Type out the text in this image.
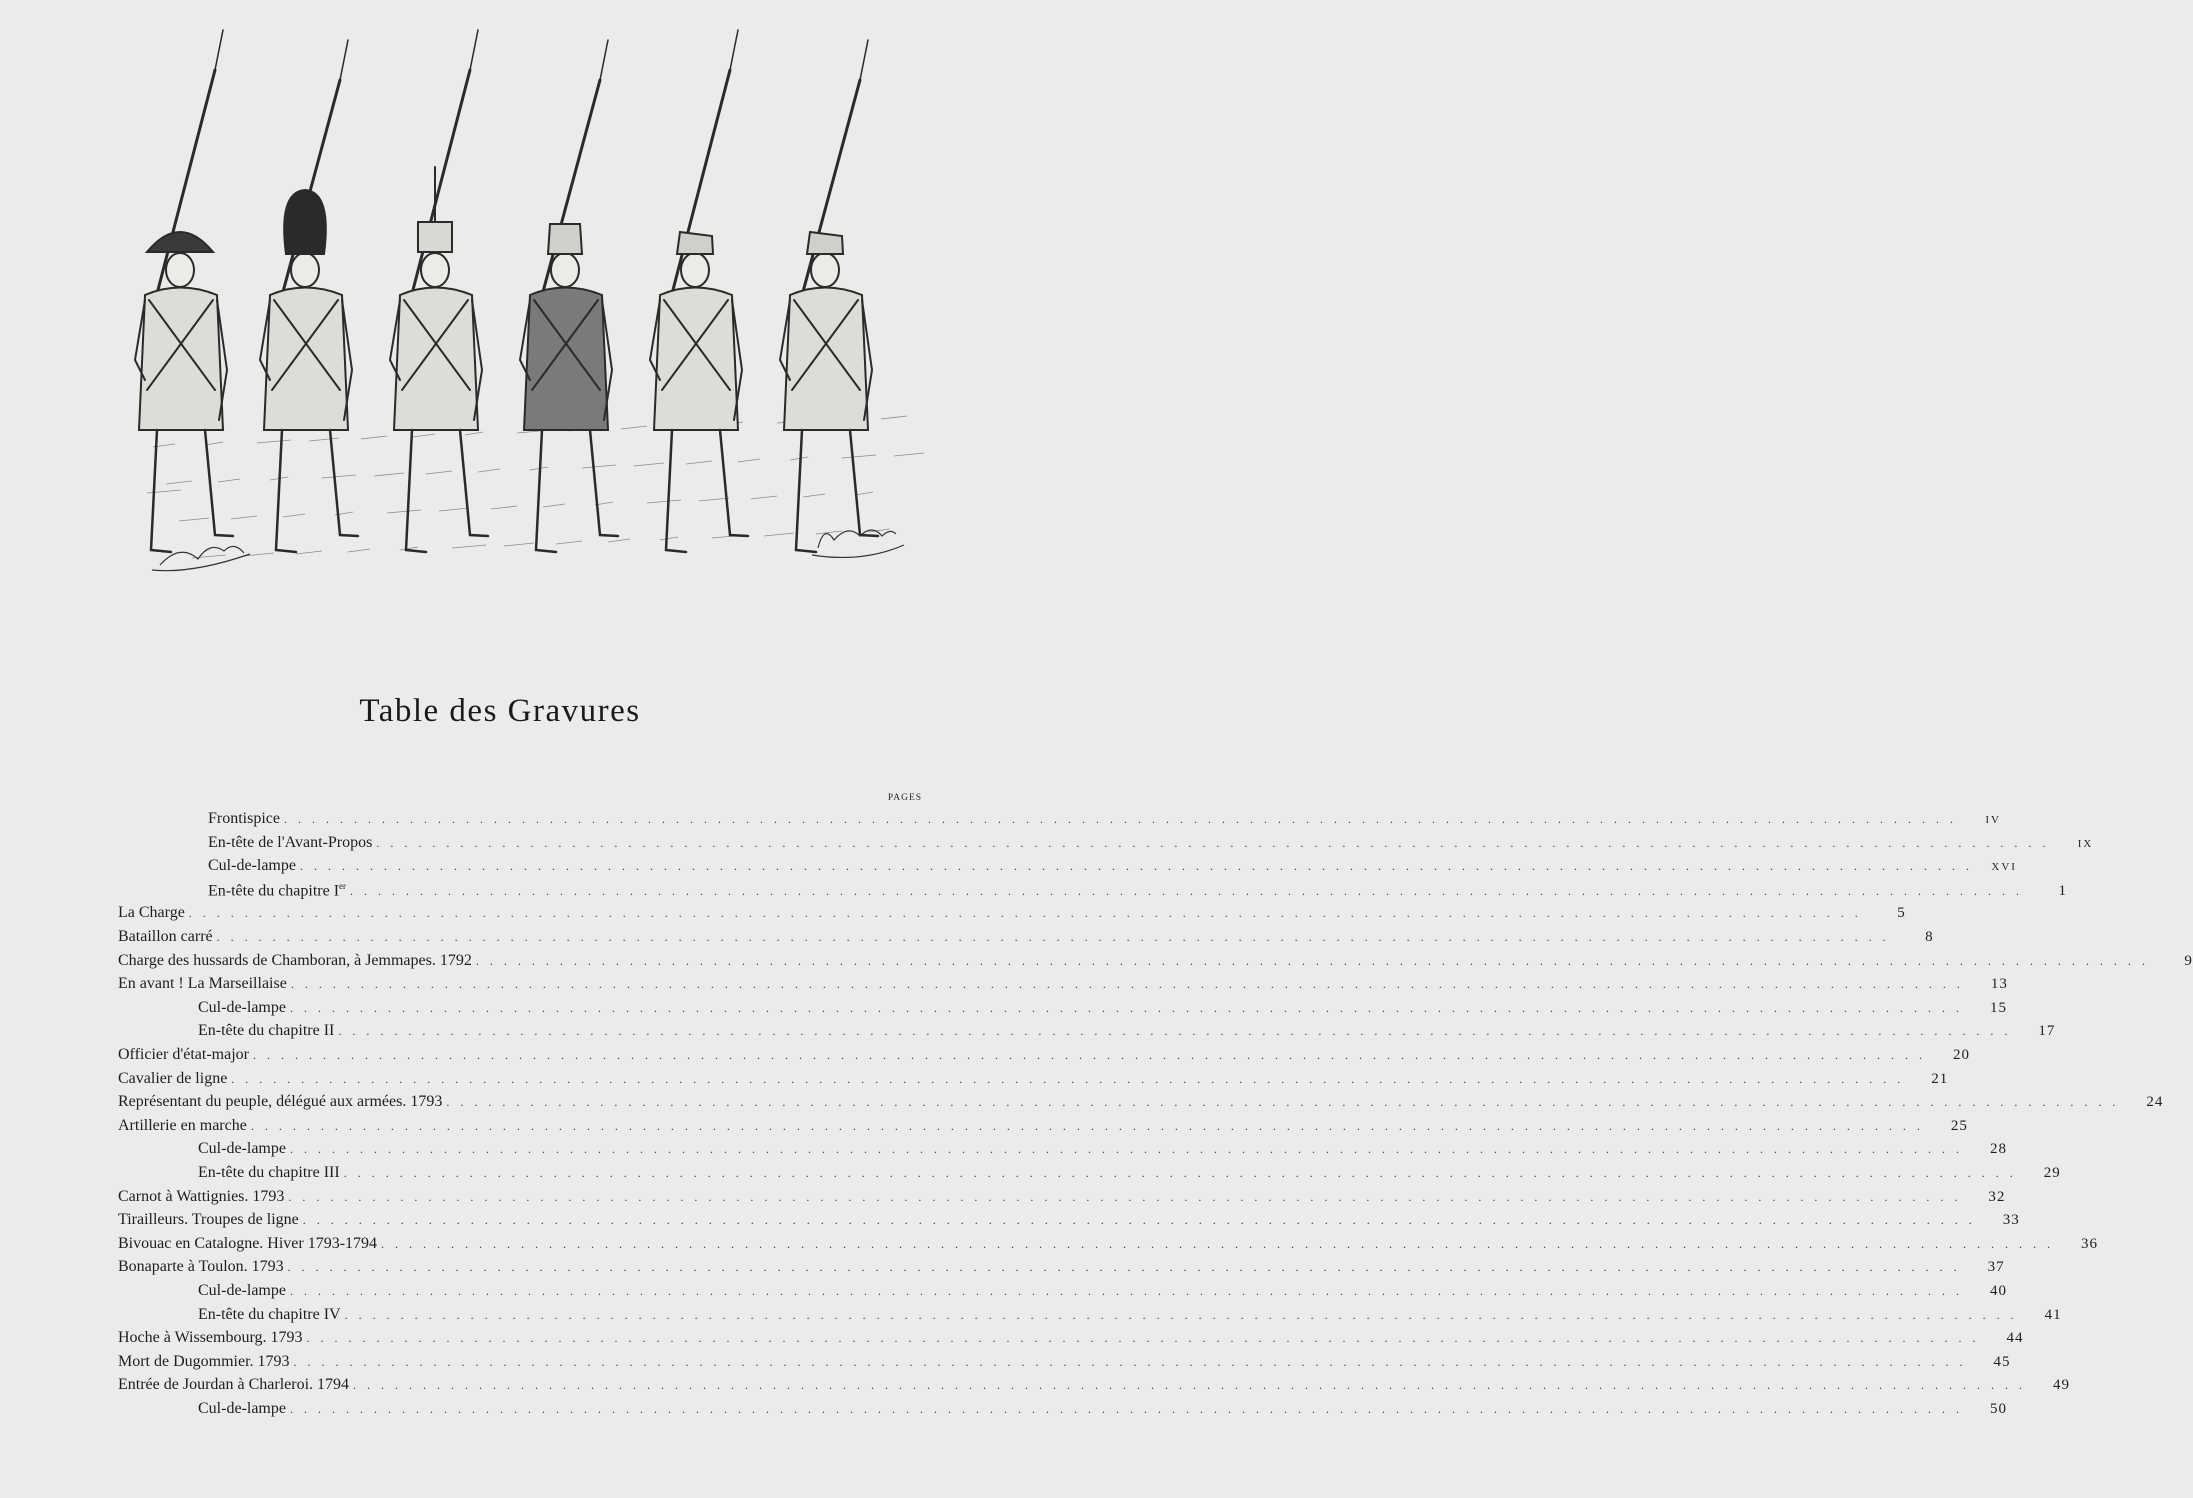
Table des Gravures
PAGES
Frontispice . . . . . . . . . . . . . . . . . . . . . . . . . . . . . . . . . . . . . . . . . . . . . . . . . . . . . . . . . . . . . . . . . . . . . . . . . . . . . . . . . . . . . . . . . . . . . . . . . . . . . . . . . . . . . . . . . . . . . . . .	IV
En-tête de l'Avant-Propos . . . . . . . . . . . . . . . . . . . . . . . . . . . . . . . . . . . . . . . . . . . . . . . . . . . . . . . . . . . . . . . . . . . . . . . . . . . . . . . . . . . . . . . . . . . . . . . . . . . . . . . . . . . . . . . . . . . . . . . .	IX
Cul-de-lampe . . . . . . . . . . . . . . . . . . . . . . . . . . . . . . . . . . . . . . . . . . . . . . . . . . . . . . . . . . . . . . . . . . . . . . . . . . . . . . . . . . . . . . . . . . . . . . . . . . . . . . . . . . . . . . . . . . . . . . . .	XVI
En-tête du chapitre Ier . . . . . . . . . . . . . . . . . . . . . . . . . . . . . . . . . . . . . . . . . . . . . . . . . . . . . . . . . . . . . . . . . . . . . . . . . . . . . . . . . . . . . . . . . . . . . . . . . . . . . . . . . . . . . . . . . . . . . . . .	1
La Charge . . . . . . . . . . . . . . . . . . . . . . . . . . . . . . . . . . . . . . . . . . . . . . . . . . . . . . . . . . . . . . . . . . . . . . . . . . . . . . . . . . . . . . . . . . . . . . . . . . . . . . . . . . . . . . . . . . . . . . . .	5
Bataillon carré . . . . . . . . . . . . . . . . . . . . . . . . . . . . . . . . . . . . . . . . . . . . . . . . . . . . . . . . . . . . . . . . . . . . . . . . . . . . . . . . . . . . . . . . . . . . . . . . . . . . . . . . . . . . . . . . . . . . . . . .	8
Charge des hussards de Chamboran, à Jemmapes. 1792 . . . . . . . . . . . . . . . . . . . . . . . . . . . . . . . . . . . . . . . . . . . . . . . . . . . . . . . . . . . . . . . . . . . . . . . . . . . . . . . . . . . . . . . . . . . . . . . . . . . . . . . . . . . . . . . . . . . . . . . .	9
En avant ! La Marseillaise . . . . . . . . . . . . . . . . . . . . . . . . . . . . . . . . . . . . . . . . . . . . . . . . . . . . . . . . . . . . . . . . . . . . . . . . . . . . . . . . . . . . . . . . . . . . . . . . . . . . . . . . . . . . . . . . . . . . . . . .	13
Cul-de-lampe . . . . . . . . . . . . . . . . . . . . . . . . . . . . . . . . . . . . . . . . . . . . . . . . . . . . . . . . . . . . . . . . . . . . . . . . . . . . . . . . . . . . . . . . . . . . . . . . . . . . . . . . . . . . . . . . . . . . . . . .	15
En-tête du chapitre II . . . . . . . . . . . . . . . . . . . . . . . . . . . . . . . . . . . . . . . . . . . . . . . . . . . . . . . . . . . . . . . . . . . . . . . . . . . . . . . . . . . . . . . . . . . . . . . . . . . . . . . . . . . . . . . . . . . . . . . .	17
Officier d'état-major . . . . . . . . . . . . . . . . . . . . . . . . . . . . . . . . . . . . . . . . . . . . . . . . . . . . . . . . . . . . . . . . . . . . . . . . . . . . . . . . . . . . . . . . . . . . . . . . . . . . . . . . . . . . . . . . . . . . . . . .	20
Cavalier de ligne . . . . . . . . . . . . . . . . . . . . . . . . . . . . . . . . . . . . . . . . . . . . . . . . . . . . . . . . . . . . . . . . . . . . . . . . . . . . . . . . . . . . . . . . . . . . . . . . . . . . . . . . . . . . . . . . . . . . . . . .	21
Représentant du peuple, délégué aux armées. 1793 . . . . . . . . . . . . . . . . . . . . . . . . . . . . . . . . . . . . . . . . . . . . . . . . . . . . . . . . . . . . . . . . . . . . . . . . . . . . . . . . . . . . . . . . . . . . . . . . . . . . . . . . . . . . . . . . . . . . . . . .	24
Artillerie en marche . . . . . . . . . . . . . . . . . . . . . . . . . . . . . . . . . . . . . . . . . . . . . . . . . . . . . . . . . . . . . . . . . . . . . . . . . . . . . . . . . . . . . . . . . . . . . . . . . . . . . . . . . . . . . . . . . . . . . . . .	25
Cul-de-lampe . . . . . . . . . . . . . . . . . . . . . . . . . . . . . . . . . . . . . . . . . . . . . . . . . . . . . . . . . . . . . . . . . . . . . . . . . . . . . . . . . . . . . . . . . . . . . . . . . . . . . . . . . . . . . . . . . . . . . . . .	28
En-tête du chapitre III . . . . . . . . . . . . . . . . . . . . . . . . . . . . . . . . . . . . . . . . . . . . . . . . . . . . . . . . . . . . . . . . . . . . . . . . . . . . . . . . . . . . . . . . . . . . . . . . . . . . . . . . . . . . . . . . . . . . . . . .	29
Carnot à Wattignies. 1793 . . . . . . . . . . . . . . . . . . . . . . . . . . . . . . . . . . . . . . . . . . . . . . . . . . . . . . . . . . . . . . . . . . . . . . . . . . . . . . . . . . . . . . . . . . . . . . . . . . . . . . . . . . . . . . . . . . . . . . . .	32
Tirailleurs. Troupes de ligne . . . . . . . . . . . . . . . . . . . . . . . . . . . . . . . . . . . . . . . . . . . . . . . . . . . . . . . . . . . . . . . . . . . . . . . . . . . . . . . . . . . . . . . . . . . . . . . . . . . . . . . . . . . . . . . . . . . . . . . .	33
Bivouac en Catalogne. Hiver 1793-1794 . . . . . . . . . . . . . . . . . . . . . . . . . . . . . . . . . . . . . . . . . . . . . . . . . . . . . . . . . . . . . . . . . . . . . . . . . . . . . . . . . . . . . . . . . . . . . . . . . . . . . . . . . . . . . . . . . . . . . . . .	36
Bonaparte à Toulon. 1793 . . . . . . . . . . . . . . . . . . . . . . . . . . . . . . . . . . . . . . . . . . . . . . . . . . . . . . . . . . . . . . . . . . . . . . . . . . . . . . . . . . . . . . . . . . . . . . . . . . . . . . . . . . . . . . . . . . . . . . . .	37
Cul-de-lampe . . . . . . . . . . . . . . . . . . . . . . . . . . . . . . . . . . . . . . . . . . . . . . . . . . . . . . . . . . . . . . . . . . . . . . . . . . . . . . . . . . . . . . . . . . . . . . . . . . . . . . . . . . . . . . . . . . . . . . . .	40
En-tête du chapitre IV . . . . . . . . . . . . . . . . . . . . . . . . . . . . . . . . . . . . . . . . . . . . . . . . . . . . . . . . . . . . . . . . . . . . . . . . . . . . . . . . . . . . . . . . . . . . . . . . . . . . . . . . . . . . . . . . . . . . . . . .	41
Hoche à Wissembourg. 1793 . . . . . . . . . . . . . . . . . . . . . . . . . . . . . . . . . . . . . . . . . . . . . . . . . . . . . . . . . . . . . . . . . . . . . . . . . . . . . . . . . . . . . . . . . . . . . . . . . . . . . . . . . . . . . . . . . . . . . . . .	44
Mort de Dugommier. 1793 . . . . . . . . . . . . . . . . . . . . . . . . . . . . . . . . . . . . . . . . . . . . . . . . . . . . . . . . . . . . . . . . . . . . . . . . . . . . . . . . . . . . . . . . . . . . . . . . . . . . . . . . . . . . . . . . . . . . . . . .	45
Entrée de Jourdan à Charleroi. 1794 . . . . . . . . . . . . . . . . . . . . . . . . . . . . . . . . . . . . . . . . . . . . . . . . . . . . . . . . . . . . . . . . . . . . . . . . . . . . . . . . . . . . . . . . . . . . . . . . . . . . . . . . . . . . . . . . . . . . . . . .	49
Cul-de-lampe . . . . . . . . . . . . . . . . . . . . . . . . . . . . . . . . . . . . . . . . . . . . . . . . . . . . . . . . . . . . . . . . . . . . . . . . . . . . . . . . . . . . . . . . . . . . . . . . . . . . . . . . . . . . . . . . . . . . . . . .	50
